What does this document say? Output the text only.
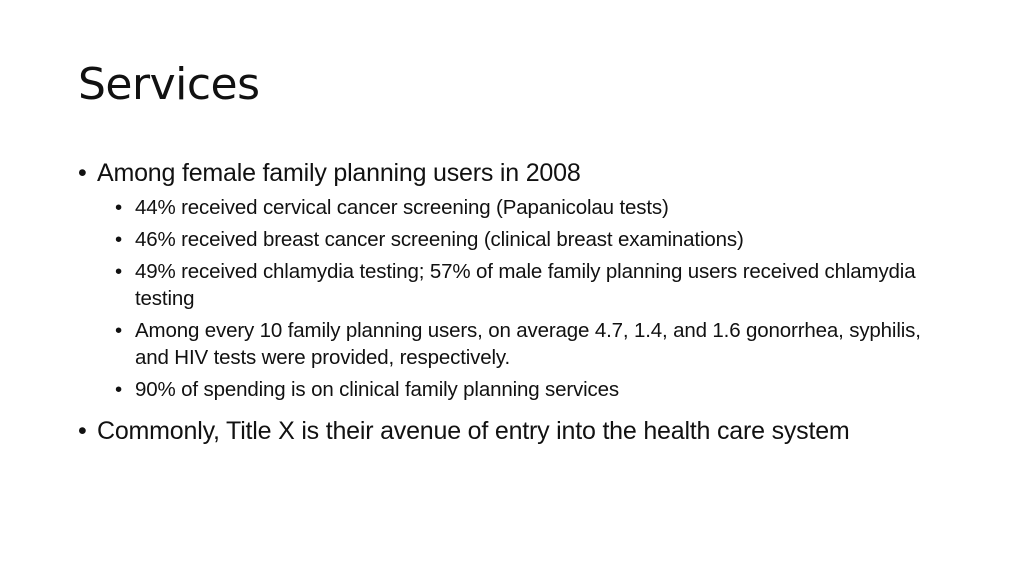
Services
• Among female family planning users in 2008
• 44% received cervical cancer screening (Papanicolau tests)
• 46% received breast cancer screening (clinical breast examinations)
• 49% received chlamydia testing; 57% of male family planning users received chlamydia testing
• Among every 10 family planning users, on average 4.7, 1.4, and 1.6 gonorrhea, syphilis, and HIV tests were provided, respectively.
• 90% of spending is on clinical family planning services
• Commonly, Title X is their avenue of entry into the health care system
